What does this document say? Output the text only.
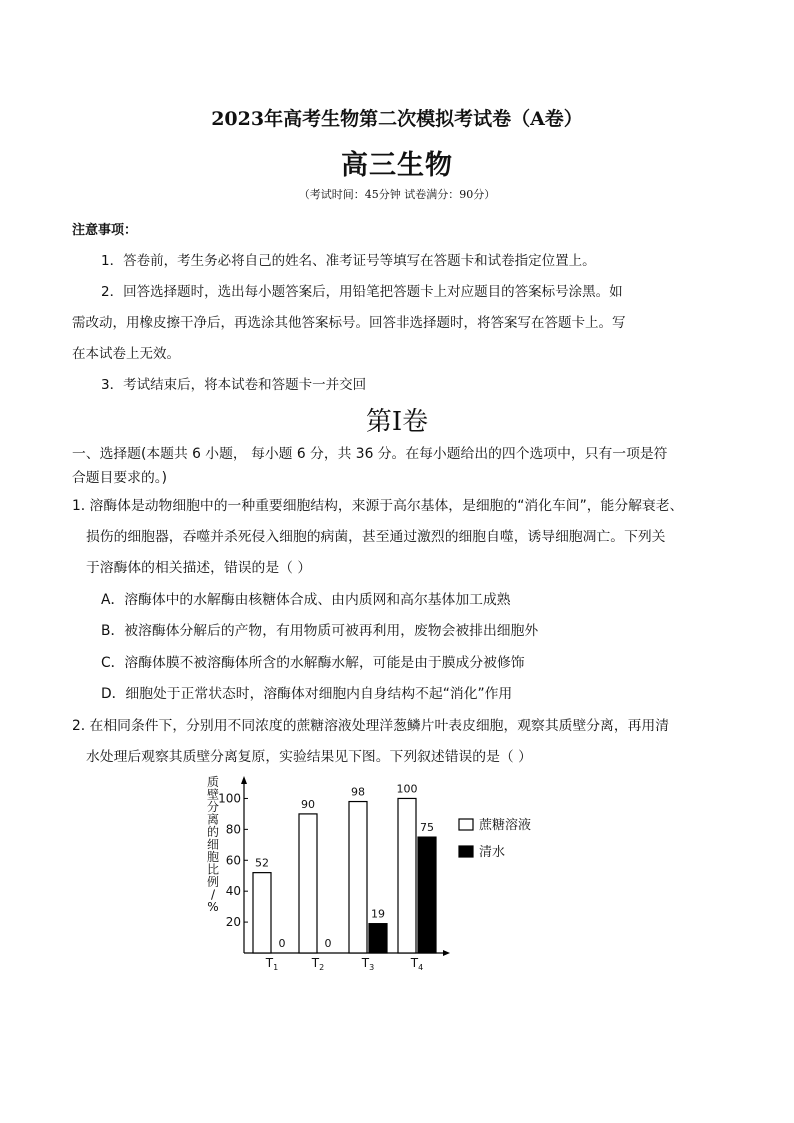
2023年高考生物第二次模拟考试卷（A卷）
高三生物
（考试时间：45分钟 试卷满分：90分）
注意事项：
1．答卷前，考生务必将自己的姓名、准考证号等填写在答题卡和试卷指定位置上。
2．回答选择题时，选出每小题答案后，用铅笔把答题卡上对应题目的答案标号涂黑。如
需改动，用橡皮擦干净后，再选涂其他答案标号。回答非选择题时，将答案写在答题卡上。写
在本试卷上无效。
3．考试结束后，将本试卷和答题卡一并交回
第Ⅰ卷
一、选择题(本题共 6 小题， 每小题 6 分，共 36 分。在每小题给出的四个选项中，只有一项是符
合题目要求的。)
1. 溶酶体是动物细胞中的一种重要细胞结构，来源于高尔基体，是细胞的“消化车间”，能分解衰老、
损伤的细胞器，吞噬并杀死侵入细胞的病菌，甚至通过激烈的细胞自噬，诱导细胞凋亡。下列关
于溶酶体的相关描述，错误的是（ ）
A．溶酶体中的水解酶由核糖体合成、由内质网和高尔基体加工成熟
B．被溶酶体分解后的产物，有用物质可被再利用，废物会被排出细胞外
C．溶酶体膜不被溶酶体所含的水解酶水解，可能是由于膜成分被修饰
D．细胞处于正常状态时，溶酶体对细胞内自身结构不起“消化”作用
2. 在相同条件下，分别用不同浓度的蔗糖溶液处理洋葱鳞片叶表皮细胞，观察其质壁分离，再用清
水处理后观察其质壁分离复原，实验结果见下图。下列叙述错误的是（ ）
质
壁
分
离
的
细
胞
比
例
/
%
20
40
60
80
100
52
0
$T_1$
90
0
$T_2$
98
19
$T_3$
100
75
$T_4$
蔗糖溶液
清水
